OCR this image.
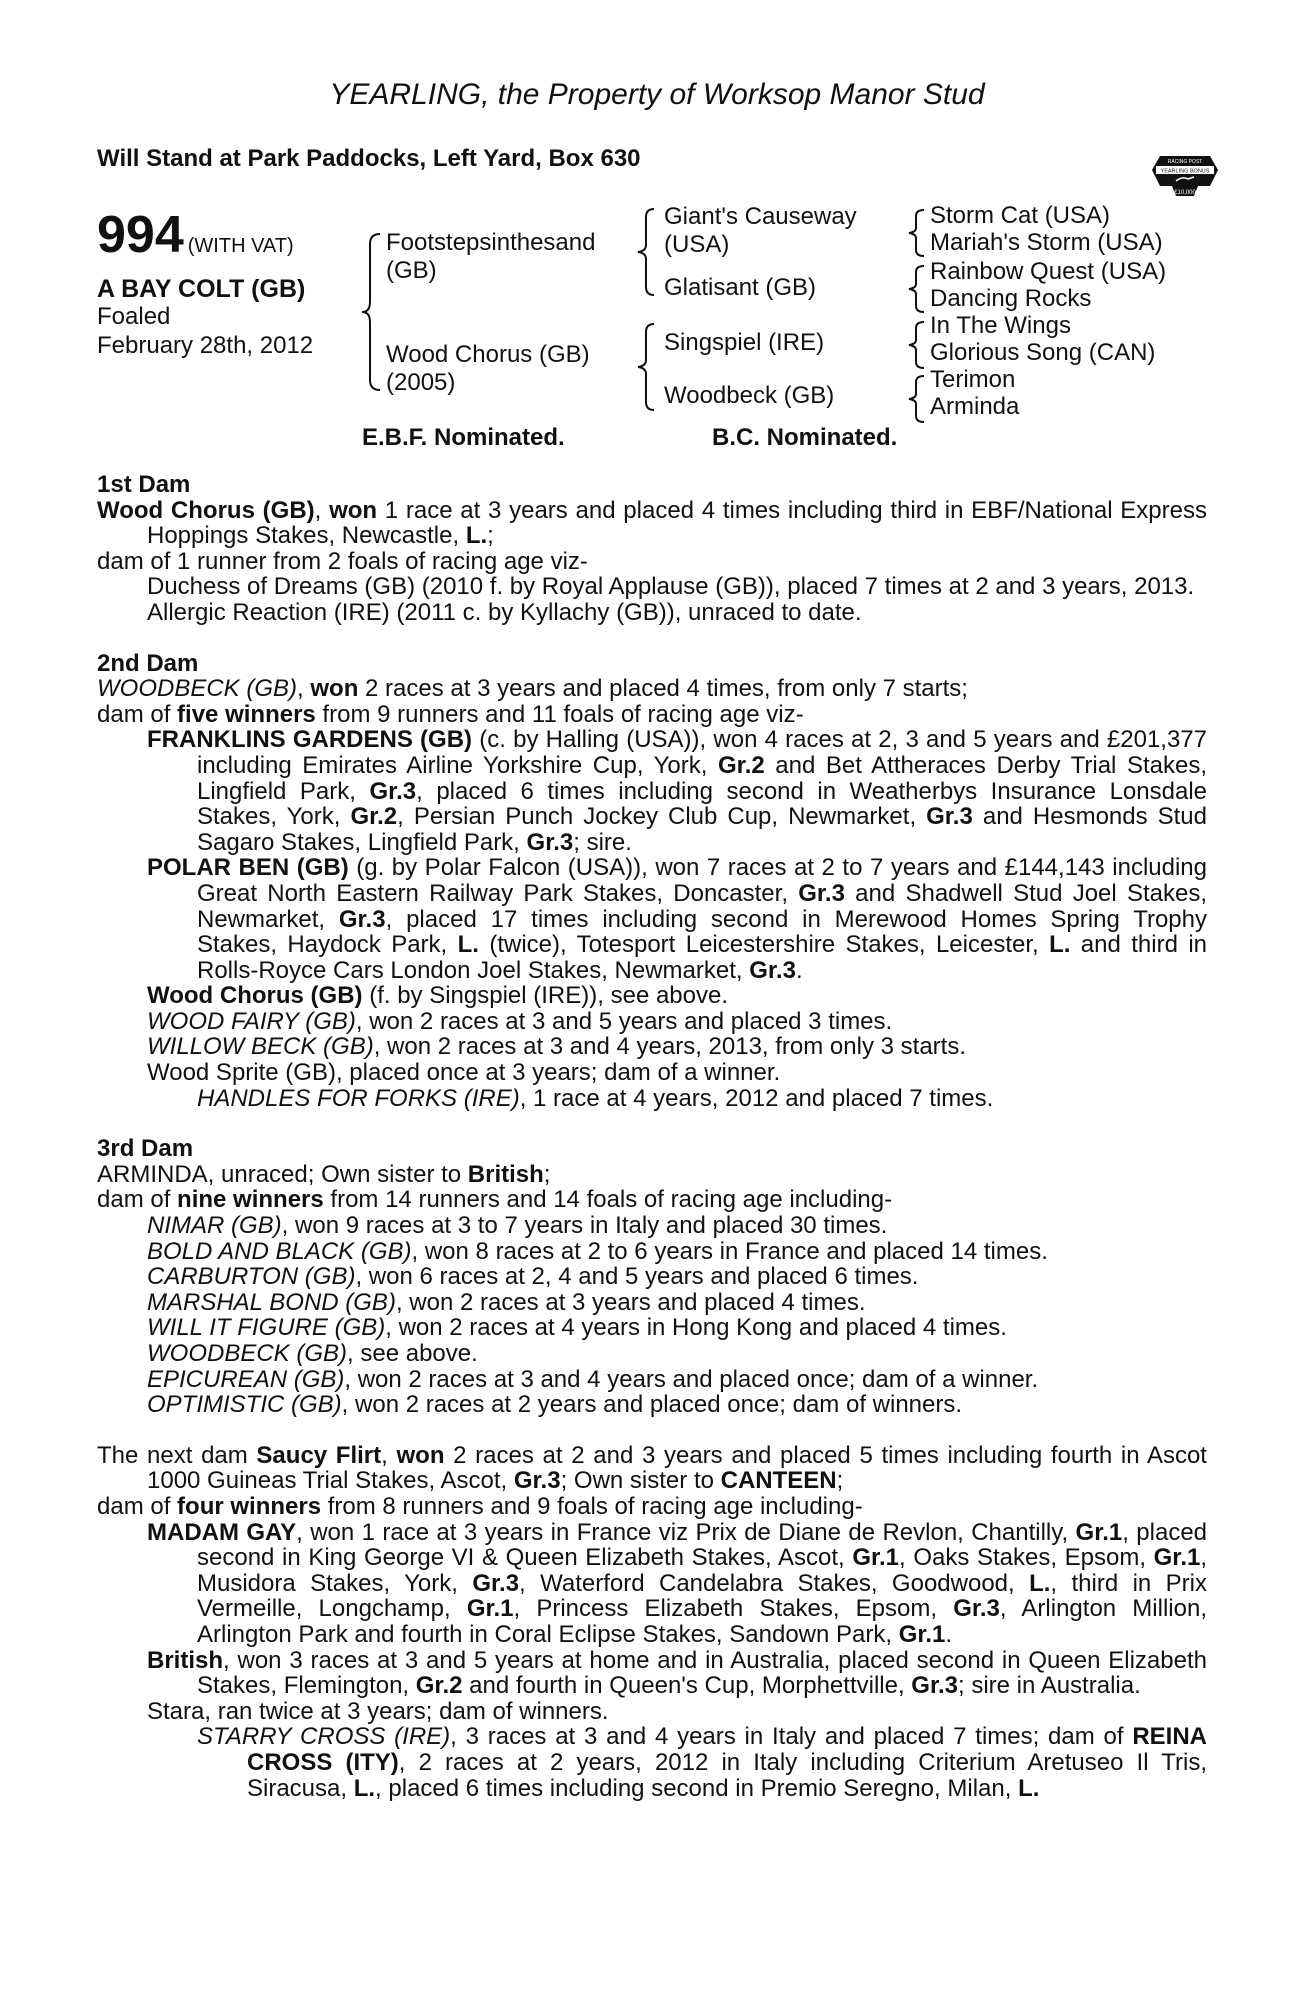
YEARLING, the Property of Worksop Manor Stud
Will Stand at Park Paddocks, Left Yard, Box 630	RACING POST
YEARLING BONUS
£10,000
994 (WITH VAT)
A BAY COLT (GB)
Foaled
February 28th, 2012
Footstepsinthesand
(GB)
Wood Chorus (GB)
(2005)
Giant's Causeway
(USA)
Glatisant (GB)
Singspiel (IRE)
Woodbeck (GB)
Storm Cat (USA)
Mariah's Storm (USA)
Rainbow Quest (USA)
Dancing Rocks
In The Wings
Glorious Song (CAN)
Terimon
Arminda
E.B.F. Nominated.	B.C. Nominated.
1st Dam
Wood Chorus (GB), won 1 race at 3 years and placed 4 times including third in EBF/National Express Hoppings Stakes, Newcastle, L.;
dam of 1 runner from 2 foals of racing age viz-
Duchess of Dreams (GB) (2010 f. by Royal Applause (GB)), placed 7 times at 2 and 3 years, 2013.
Allergic Reaction (IRE) (2011 c. by Kyllachy (GB)), unraced to date.
2nd Dam
WOODBECK (GB), won 2 races at 3 years and placed 4 times, from only 7 starts;
dam of five winners from 9 runners and 11 foals of racing age viz-
FRANKLINS GARDENS (GB) (c. by Halling (USA)), won 4 races at 2, 3 and 5 years and £201,377 including Emirates Airline Yorkshire Cup, York, Gr.2 and Bet Attheraces Derby Trial Stakes, Lingfield Park, Gr.3, placed 6 times including second in Weatherbys Insurance Lonsdale Stakes, York, Gr.2, Persian Punch Jockey Club Cup, Newmarket, Gr.3 and Hesmonds Stud Sagaro Stakes, Lingfield Park, Gr.3; sire.
POLAR BEN (GB) (g. by Polar Falcon (USA)), won 7 races at 2 to 7 years and £144,143 including Great North Eastern Railway Park Stakes, Doncaster, Gr.3 and Shadwell Stud Joel Stakes, Newmarket, Gr.3, placed 17 times including second in Merewood Homes Spring Trophy Stakes, Haydock Park, L. (twice), Totesport Leicestershire Stakes, Leicester, L. and third in Rolls-Royce Cars London Joel Stakes, Newmarket, Gr.3.
Wood Chorus (GB) (f. by Singspiel (IRE)), see above.
WOOD FAIRY (GB), won 2 races at 3 and 5 years and placed 3 times.
WILLOW BECK (GB), won 2 races at 3 and 4 years, 2013, from only 3 starts.
Wood Sprite (GB), placed once at 3 years; dam of a winner.
HANDLES FOR FORKS (IRE), 1 race at 4 years, 2012 and placed 7 times.
3rd Dam
ARMINDA, unraced; Own sister to British;
dam of nine winners from 14 runners and 14 foals of racing age including-
NIMAR (GB), won 9 races at 3 to 7 years in Italy and placed 30 times.
BOLD AND BLACK (GB), won 8 races at 2 to 6 years in France and placed 14 times.
CARBURTON (GB), won 6 races at 2, 4 and 5 years and placed 6 times.
MARSHAL BOND (GB), won 2 races at 3 years and placed 4 times.
WILL IT FIGURE (GB), won 2 races at 4 years in Hong Kong and placed 4 times.
WOODBECK (GB), see above.
EPICUREAN (GB), won 2 races at 3 and 4 years and placed once; dam of a winner.
OPTIMISTIC (GB), won 2 races at 2 years and placed once; dam of winners.
The next dam Saucy Flirt, won 2 races at 2 and 3 years and placed 5 times including fourth in Ascot 1000 Guineas Trial Stakes, Ascot, Gr.3; Own sister to CANTEEN;
dam of four winners from 8 runners and 9 foals of racing age including-
MADAM GAY, won 1 race at 3 years in France viz Prix de Diane de Revlon, Chantilly, Gr.1, placed second in King George VI & Queen Elizabeth Stakes, Ascot, Gr.1, Oaks Stakes, Epsom, Gr.1, Musidora Stakes, York, Gr.3, Waterford Candelabra Stakes, Goodwood, L., third in Prix Vermeille, Longchamp, Gr.1, Princess Elizabeth Stakes, Epsom, Gr.3, Arlington Million, Arlington Park and fourth in Coral Eclipse Stakes, Sandown Park, Gr.1.
British, won 3 races at 3 and 5 years at home and in Australia, placed second in Queen Elizabeth Stakes, Flemington, Gr.2 and fourth in Queen's Cup, Morphettville, Gr.3; sire in Australia.
Stara, ran twice at 3 years; dam of winners.
STARRY CROSS (IRE), 3 races at 3 and 4 years in Italy and placed 7 times; dam of REINA CROSS (ITY), 2 races at 2 years, 2012 in Italy including Criterium Aretuseo Il Tris, Siracusa, L., placed 6 times including second in Premio Seregno, Milan, L.
